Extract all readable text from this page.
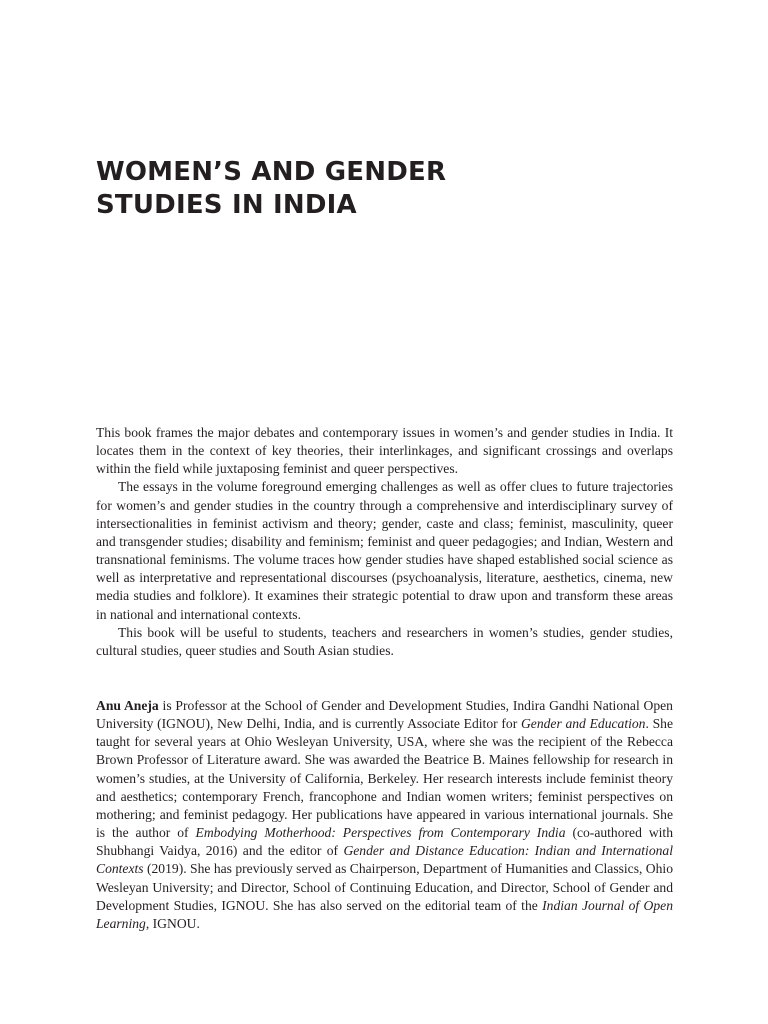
WOMEN’S AND GENDER
STUDIES IN INDIA

This book frames the major debates and contemporary issues in women’s and gender studies in India. It locates them in the context of key theories, their interlinkages, and significant crossings and overlaps within the field while juxtaposing feminist and queer perspectives.

The essays in the volume foreground emerging challenges as well as offer clues to future trajectories for women’s and gender studies in the country through a comprehensive and interdisciplinary survey of intersectionalities in feminist activism and theory; gender, caste and class; feminist, masculinity, queer and transgender studies; disability and feminism; feminist and queer pedagogies; and Indian, Western and transnational feminisms. The volume traces how gender studies have shaped established social science as well as interpretative and representational discourses (psychoanalysis, literature, aesthetics, cinema, new media studies and folklore). It examines their strategic potential to draw upon and transform these areas in national and international contexts.

This book will be useful to students, teachers and researchers in women’s studies, gender studies, cultural studies, queer studies and South Asian studies.

Anu Aneja is Professor at the School of Gender and Development Studies, Indira Gandhi National Open University (IGNOU), New Delhi, India, and is currently Associate Editor for Gender and Education. She taught for several years at Ohio Wesleyan University, USA, where she was the recipient of the Rebecca Brown Professor of Literature award. She was awarded the Beatrice B. Maines fellowship for research in women’s studies, at the University of California, Berkeley. Her research interests include feminist theory and aesthetics; contemporary French, francophone and Indian women writers; feminist perspectives on mothering; and feminist pedagogy. Her publications have appeared in various international journals. She is the author of Embodying Motherhood: Perspectives from Contemporary India (co-authored with Shubhangi Vaidya, 2016) and the editor of Gender and Distance Education: Indian and International Contexts (2019). She has previously served as Chairperson, Department of Humanities and Classics, Ohio Wesleyan University; and Director, School of Continuing Education, and Director, School of Gender and Development Studies, IGNOU. She has also served on the editorial team of the Indian Journal of Open Learning, IGNOU.
